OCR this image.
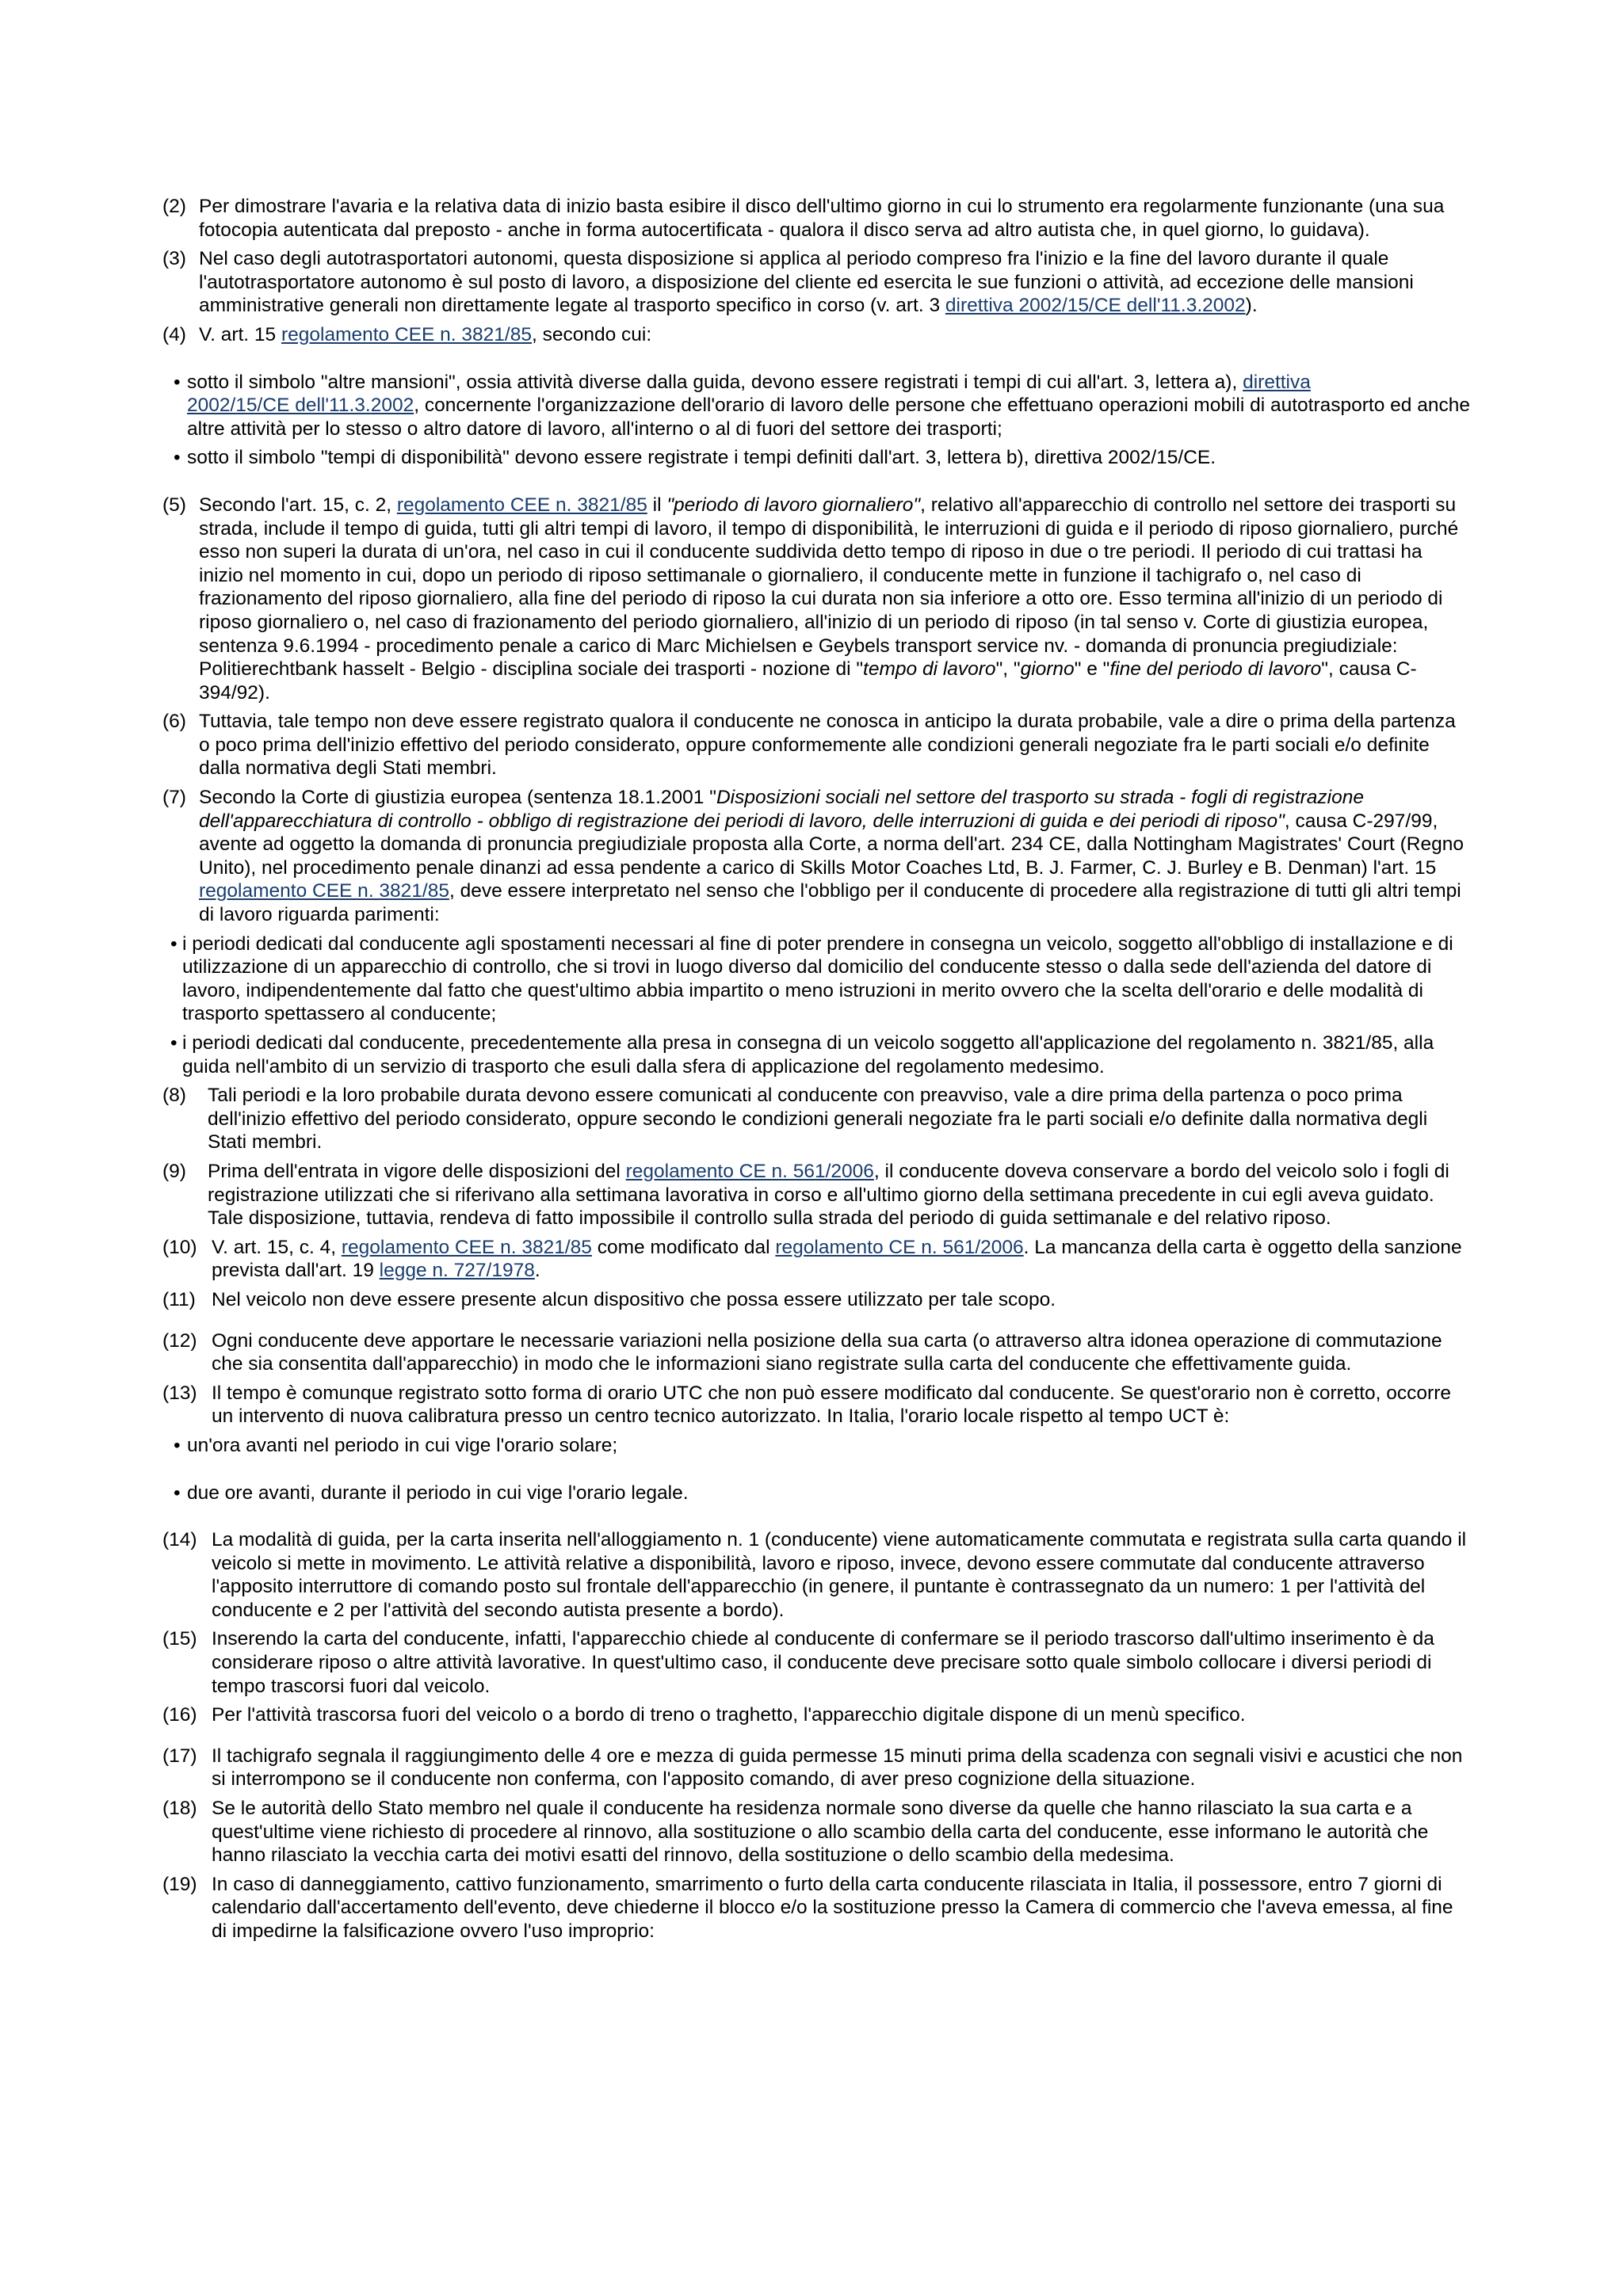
(2) Per dimostrare l'avaria e la relativa data di inizio basta esibire il disco dell'ultimo giorno in cui lo strumento era regolarmente funzionante (una sua fotocopia autenticata dal preposto - anche in forma autocertificata - qualora il disco serva ad altro autista che, in quel giorno, lo guidava).
(3) Nel caso degli autotrasportatori autonomi, questa disposizione si applica al periodo compreso fra l'inizio e la fine del lavoro durante il quale l'autotrasportatore autonomo è sul posto di lavoro, a disposizione del cliente ed esercita le sue funzioni o attività, ad eccezione delle mansioni amministrative generali non direttamente legate al trasporto specifico in corso (v. art. 3 direttiva 2002/15/CE dell'11.3.2002).
(4) V. art. 15 regolamento CEE n. 3821/85, secondo cui:
• sotto il simbolo "altre mansioni", ossia attività diverse dalla guida, devono essere registrati i tempi di cui all'art. 3, lettera a), direttiva
2002/15/CE dell'11.3.2002, concernente l'organizzazione dell'orario di lavoro delle persone che effettuano operazioni mobili di autotrasporto ed anche altre attività per lo stesso o altro datore di lavoro, all'interno o al di fuori del settore dei trasporti;
• sotto il simbolo "tempi di disponibilità" devono essere registrate i tempi definiti dall'art. 3, lettera b), direttiva 2002/15/CE.
(5) Secondo l'art. 15, c. 2, regolamento CEE n. 3821/85 il "periodo di lavoro giornaliero", relativo all'apparecchio di controllo nel settore dei trasporti su strada, include il tempo di guida, tutti gli altri tempi di lavoro, il tempo di disponibilità, le interruzioni di guida e il periodo di riposo giornaliero, purché esso non superi la durata di un'ora, nel caso in cui il conducente suddivida detto tempo di riposo in due o tre periodi. Il periodo di cui trattasi ha inizio nel momento in cui, dopo un periodo di riposo settimanale o giornaliero, il conducente mette in funzione il tachigrafo o, nel caso di frazionamento del riposo giornaliero, alla fine del periodo di riposo la cui durata non sia inferiore a otto ore. Esso termina all'inizio di un periodo di riposo giornaliero o, nel caso di frazionamento del periodo giornaliero, all'inizio di un periodo di riposo (in tal senso v. Corte di giustizia europea, sentenza 9.6.1994 - procedimento penale a carico di Marc Michielsen e Geybels transport service nv. - domanda di pronuncia pregiudiziale: Politierechtbank hasselt - Belgio - disciplina sociale dei trasporti - nozione di "tempo di lavoro", "giorno" e "fine del periodo di lavoro", causa C-394/92).
(6) Tuttavia, tale tempo non deve essere registrato qualora il conducente ne conosca in anticipo la durata probabile, vale a dire o prima della partenza o poco prima dell'inizio effettivo del periodo considerato, oppure conformemente alle condizioni generali negoziate fra le parti sociali e/o definite dalla normativa degli Stati membri.
(7) Secondo la Corte di giustizia europea (sentenza 18.1.2001 "Disposizioni sociali nel settore del trasporto su strada - fogli di registrazione dell'apparecchiatura di controllo - obbligo di registrazione dei periodi di lavoro, delle interruzioni di guida e dei periodi di riposo", causa C-297/99, avente ad oggetto la domanda di pronuncia pregiudiziale proposta alla Corte, a norma dell'art. 234 CE, dalla Nottingham Magistrates' Court (Regno Unito), nel procedimento penale dinanzi ad essa pendente a carico di Skills Motor Coaches Ltd, B. J. Farmer, C. J. Burley e B. Denman) l'art. 15 regolamento CEE n. 3821/85, deve essere interpretato nel senso che l'obbligo per il conducente di procedere alla registrazione di tutti gli altri tempi di lavoro riguarda parimenti:
• i periodi dedicati dal conducente agli spostamenti necessari al fine di poter prendere in consegna un veicolo, soggetto all'obbligo di installazione e di utilizzazione di un apparecchio di controllo, che si trovi in luogo diverso dal domicilio del conducente stesso o dalla sede dell'azienda del datore di lavoro, indipendentemente dal fatto che quest'ultimo abbia impartito o meno istruzioni in merito ovvero che la scelta dell'orario e delle modalità di trasporto spettassero al conducente;
• i periodi dedicati dal conducente, precedentemente alla presa in consegna di un veicolo soggetto all'applicazione del regolamento n. 3821/85, alla guida nell'ambito di un servizio di trasporto che esuli dalla sfera di applicazione del regolamento medesimo.
(8)	Tali periodi e la loro probabile durata devono essere comunicati al conducente con preavviso, vale a dire prima della partenza o poco prima dell'inizio effettivo del periodo considerato, oppure secondo le condizioni generali negoziate fra le parti sociali e/o definite dalla normativa degli Stati membri.
(9)	Prima dell'entrata in vigore delle disposizioni del regolamento CE n. 561/2006, il conducente doveva conservare a bordo del veicolo solo i fogli di registrazione utilizzati che si riferivano alla settimana lavorativa in corso e all'ultimo giorno della settimana precedente in cui egli aveva guidato. Tale disposizione, tuttavia, rendeva di fatto impossibile il controllo sulla strada del periodo di guida settimanale e del relativo riposo.
(10) V. art. 15, c. 4, regolamento CEE n. 3821/85 come modificato dal regolamento CE n. 561/2006. La mancanza della carta è oggetto della sanzione prevista dall'art. 19 legge n. 727/1978.
(11) Nel veicolo non deve essere presente alcun dispositivo che possa essere utilizzato per tale scopo.
(12) Ogni conducente deve apportare le necessarie variazioni nella posizione della sua carta (o attraverso altra idonea operazione di commutazione che sia consentita dall'apparecchio) in modo che le informazioni siano registrate sulla carta del conducente che effettivamente guida.
(13) Il tempo è comunque registrato sotto forma di orario UTC che non può essere modificato dal conducente. Se quest'orario non è corretto, occorre un intervento di nuova calibratura presso un centro tecnico autorizzato. In Italia, l'orario locale rispetto al tempo UCT è:
• un'ora avanti nel periodo in cui vige l'orario solare;
• due ore avanti, durante il periodo in cui vige l'orario legale.
(14) La modalità di guida, per la carta inserita nell'alloggiamento n. 1 (conducente) viene automaticamente commutata e registrata sulla carta quando il veicolo si mette in movimento. Le attività relative a disponibilità, lavoro e riposo, invece, devono essere commutate dal conducente attraverso l'apposito interruttore di comando posto sul frontale dell'apparecchio (in genere, il puntante è contrassegnato da un numero: 1 per l'attività del conducente e 2 per l'attività del secondo autista presente a bordo).
(15) Inserendo la carta del conducente, infatti, l'apparecchio chiede al conducente di confermare se il periodo trascorso dall'ultimo inserimento è da considerare riposo o altre attività lavorative. In quest'ultimo caso, il conducente deve precisare sotto quale simbolo collocare i diversi periodi di tempo trascorsi fuori dal veicolo.
(16) Per l'attività trascorsa fuori del veicolo o a bordo di treno o traghetto, l'apparecchio digitale dispone di un menù specifico.
(17) Il tachigrafo segnala il raggiungimento delle 4 ore e mezza di guida permesse 15 minuti prima della scadenza con segnali visivi e acustici che non si interrompono se il conducente non conferma, con l'apposito comando, di aver preso cognizione della situazione.
(18) Se le autorità dello Stato membro nel quale il conducente ha residenza normale sono diverse da quelle che hanno rilasciato la sua carta e a quest'ultime viene richiesto di procedere al rinnovo, alla sostituzione o allo scambio della carta del conducente, esse informano le autorità che hanno rilasciato la vecchia carta dei motivi esatti del rinnovo, della sostituzione o dello scambio della medesima.
(19) In caso di danneggiamento, cattivo funzionamento, smarrimento o furto della carta conducente rilasciata in Italia, il possessore, entro 7 giorni di calendario dall'accertamento dell'evento, deve chiederne il blocco e/o la sostituzione presso la Camera di commercio che l'aveva emessa, al fine di impedirne la falsificazione ovvero l'uso improprio:
